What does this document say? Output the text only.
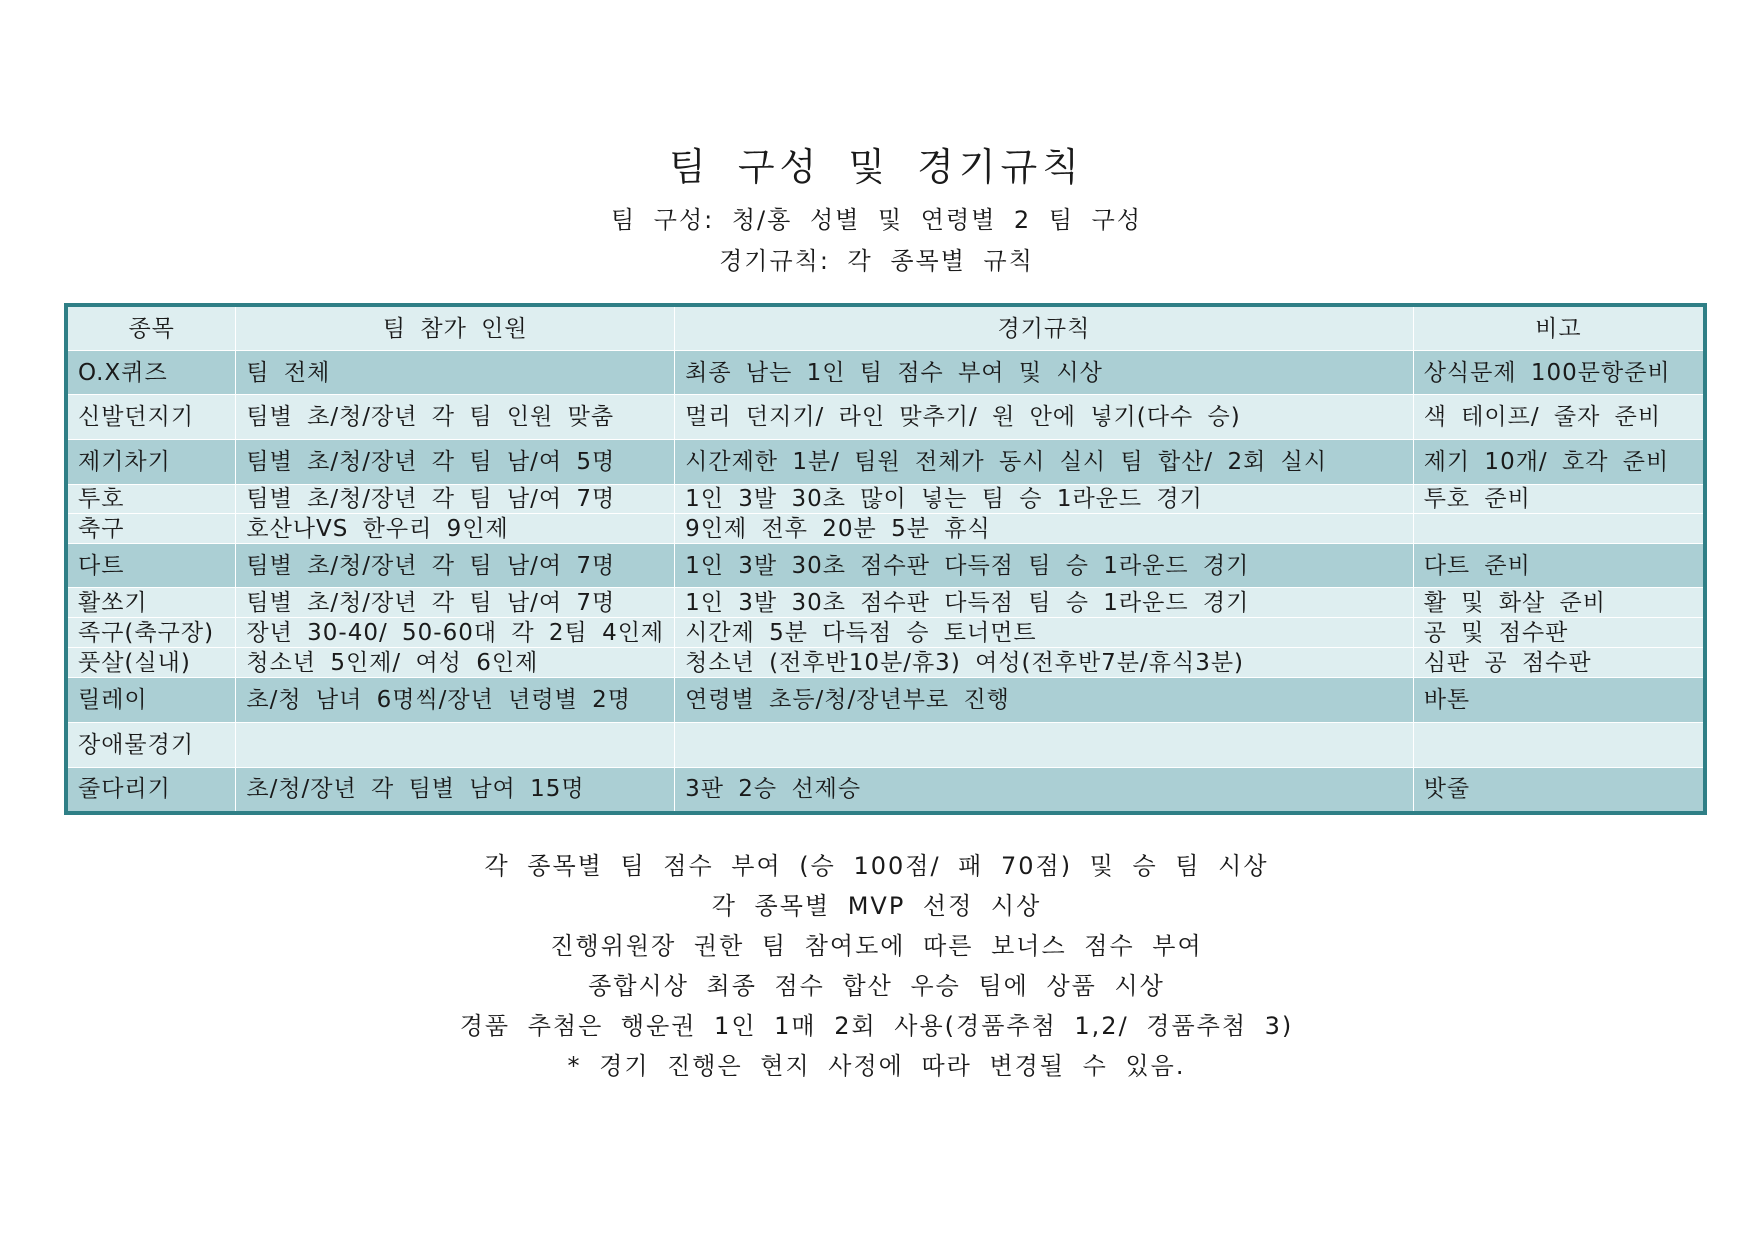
팀 구성 및 경기규칙
팀 구성: 청/홍 성별 및 연령별 2 팀 구성
경기규칙: 각 종목별 규칙
종목	팀 참가 인원	경기규칙	비고
O.X퀴즈	팀 전체	최종 남는 1인 팀 점수 부여 및 시상	상식문제 100문항준비
신발던지기	팀별 초/청/장년 각 팀 인원 맞춤	멀리 던지기/ 라인 맞추기/ 원 안에 넣기(다수 승)	색 테이프/ 줄자 준비
제기차기	팀별 초/청/장년 각 팀 남/여 5명	시간제한 1분/ 팀원 전체가 동시 실시 팀 합산/ 2회 실시	제기 10개/ 호각 준비
투호	팀별 초/청/장년 각 팀 남/여 7명	1인 3발 30초 많이 넣는 팀 승 1라운드 경기	투호 준비
축구	호산나VS 한우리 9인제	9인제 전후 20분 5분 휴식	
다트	팀별 초/청/장년 각 팀 남/여 7명	1인 3발 30초 점수판 다득점 팀 승 1라운드 경기	다트 준비
활쏘기	팀별 초/청/장년 각 팀 남/여 7명	1인 3발 30초 점수판 다득점 팀 승 1라운드 경기	활 및 화살 준비
족구(축구장)	장년 30-40/ 50-60대 각 2팀 4인제	시간제 5분 다득점 승 토너먼트	공 및 점수판
풋살(실내)	청소년 5인제/ 여성 6인제	청소년 (전후반10분/휴3) 여성(전후반7분/휴식3분)	심판 공 점수판
릴레이	초/청 남녀 6명씩/장년 년령별 2명	연령별 초등/청/장년부로 진행	바톤
장애물경기			
줄다리기	초/청/장년 각 팀별 남여 15명	3판 2승 선제승	밧줄
각 종목별 팀 점수 부여 (승 100점/ 패 70점) 및 승 팀 시상
각 종목별 MVP 선정 시상
진행위원장 권한 팀 참여도에 따른 보너스 점수 부여
종합시상 최종 점수 합산 우승 팀에 상품 시상
경품 추첨은 행운권 1인 1매 2회 사용(경품추첨 1,2/ 경품추첨 3)
* 경기 진행은 현지 사정에 따라 변경될 수 있음.
